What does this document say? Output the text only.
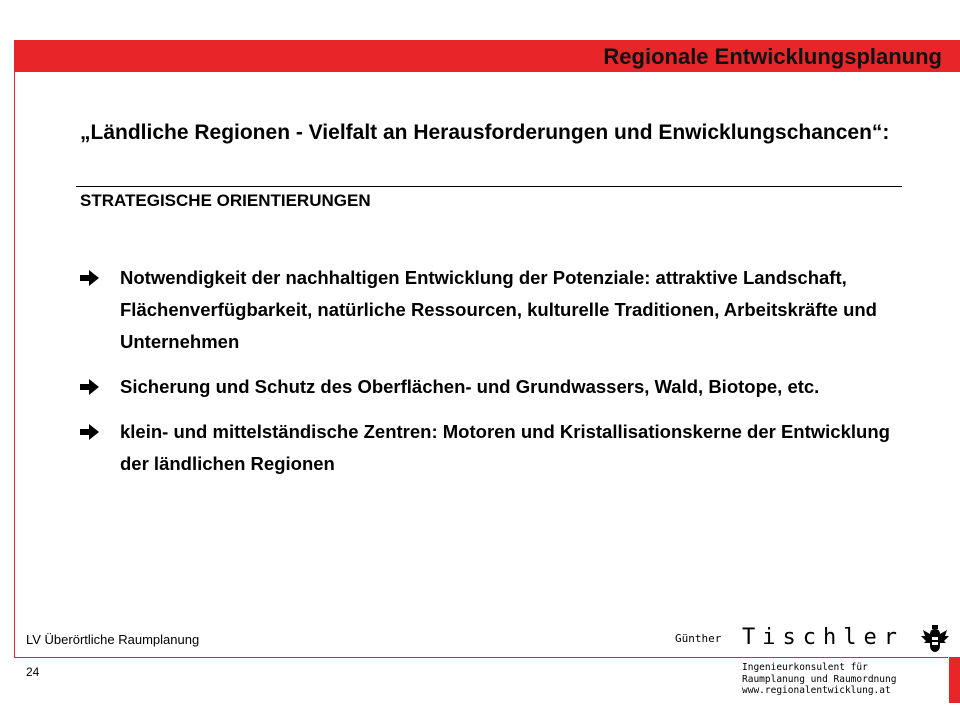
Regionale Entwicklungsplanung
„Ländliche Regionen - Vielfalt an Herausforderungen und Enwicklungschancen“:
STRATEGISCHE ORIENTIERUNGEN
Notwendigkeit der nachhaltigen Entwicklung der Potenziale: attraktive Landschaft, Flächenverfügbarkeit, natürliche Ressourcen, kulturelle Traditionen, Arbeitskräfte und Unternehmen
Sicherung und Schutz des Oberflächen- und Grundwassers, Wald, Biotope, etc.
klein- und mittelständische Zentren: Motoren und Kristallisationskerne der Entwicklung der ländlichen Regionen
LV Überörtliche Raumplanung
24
Günther Tischler
Ingenieurkonsulent für
Raumplanung und Raumordnung
www.regionalentwicklung.at
